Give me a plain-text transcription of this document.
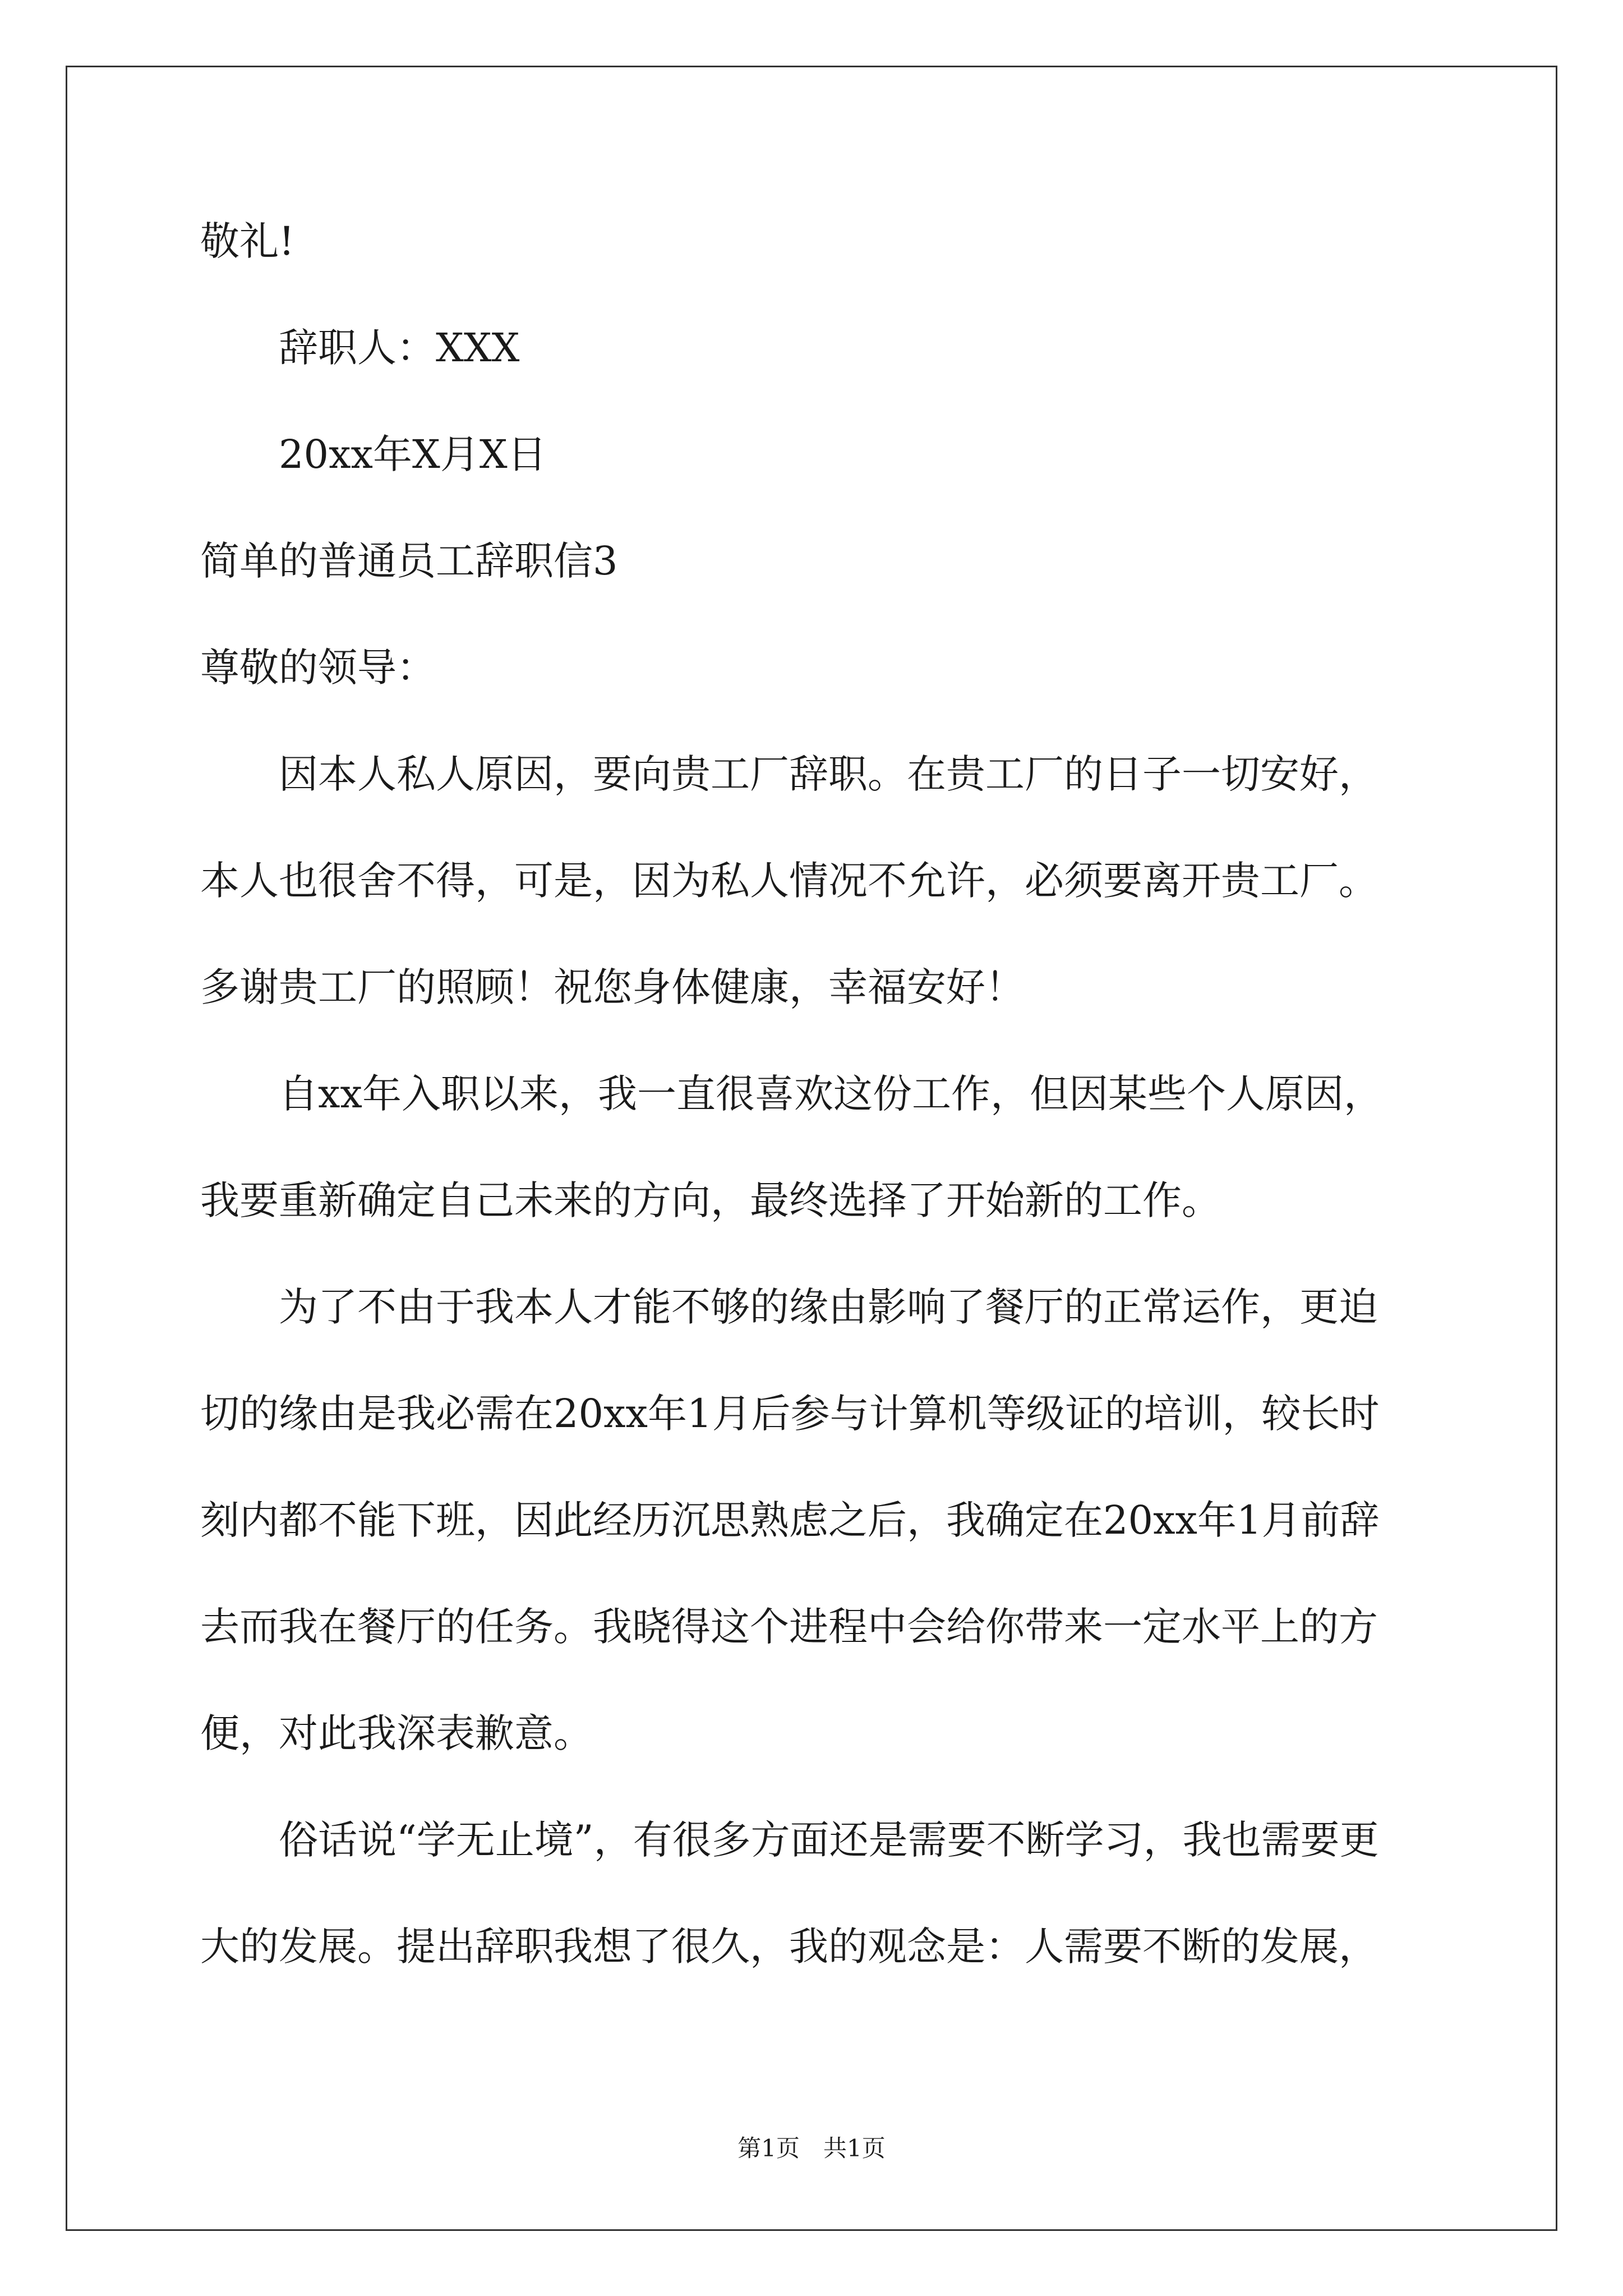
敬礼!
辞职人：XXX
20xx年X月X日
简单的普通员工辞职信3
尊敬的领导：
因本人私人原因，要向贵工厂辞职。在贵工厂的日子一切安好，
本人也很舍不得，可是，因为私人情况不允许，必须要离开贵工厂。
多谢贵工厂的照顾！祝您身体健康，幸福安好！
自xx年入职以来，我一直很喜欢这份工作，但因某些个人原因，
我要重新确定自己未来的方向，最终选择了开始新的工作。
为了不由于我本人才能不够的缘由影响了餐厅的正常运作，更迫
切的缘由是我必需在20xx年1月后参与计算机等级证的培训，较长时
刻内都不能下班，因此经历沉思熟虑之后，我确定在20xx年1月前辞
去而我在餐厅的任务。我晓得这个进程中会给你带来一定水平上的方
便，对此我深表歉意。
俗话说“学无止境”，有很多方面还是需要不断学习，我也需要更
大的发展。提出辞职我想了很久，我的观念是：人需要不断的发展，
第1页　共1页
